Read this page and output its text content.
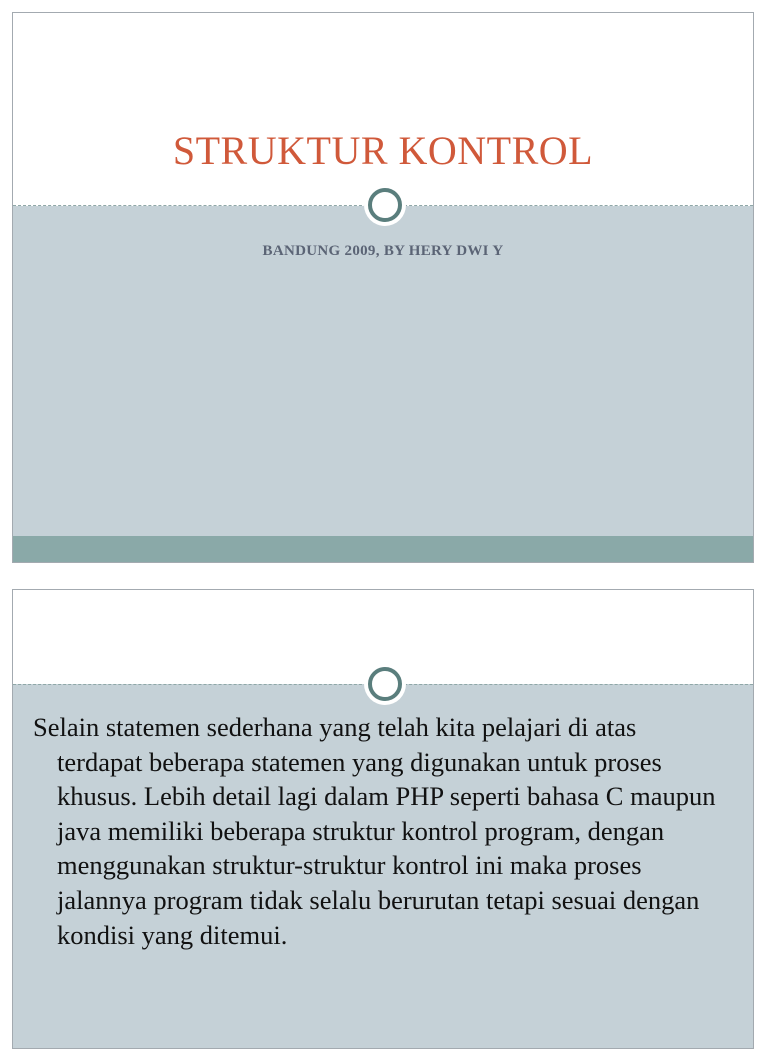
STRUKTUR KONTROL
BANDUNG 2009, BY HERY DWI Y

Selain statemen sederhana yang telah kita pelajari di atas terdapat beberapa statemen yang digunakan untuk proses khusus. Lebih detail lagi dalam PHP seperti bahasa C maupun java memiliki beberapa struktur kontrol program, dengan menggunakan struktur-struktur kontrol ini maka proses jalannya program tidak selalu berurutan tetapi sesuai dengan kondisi yang ditemui.
